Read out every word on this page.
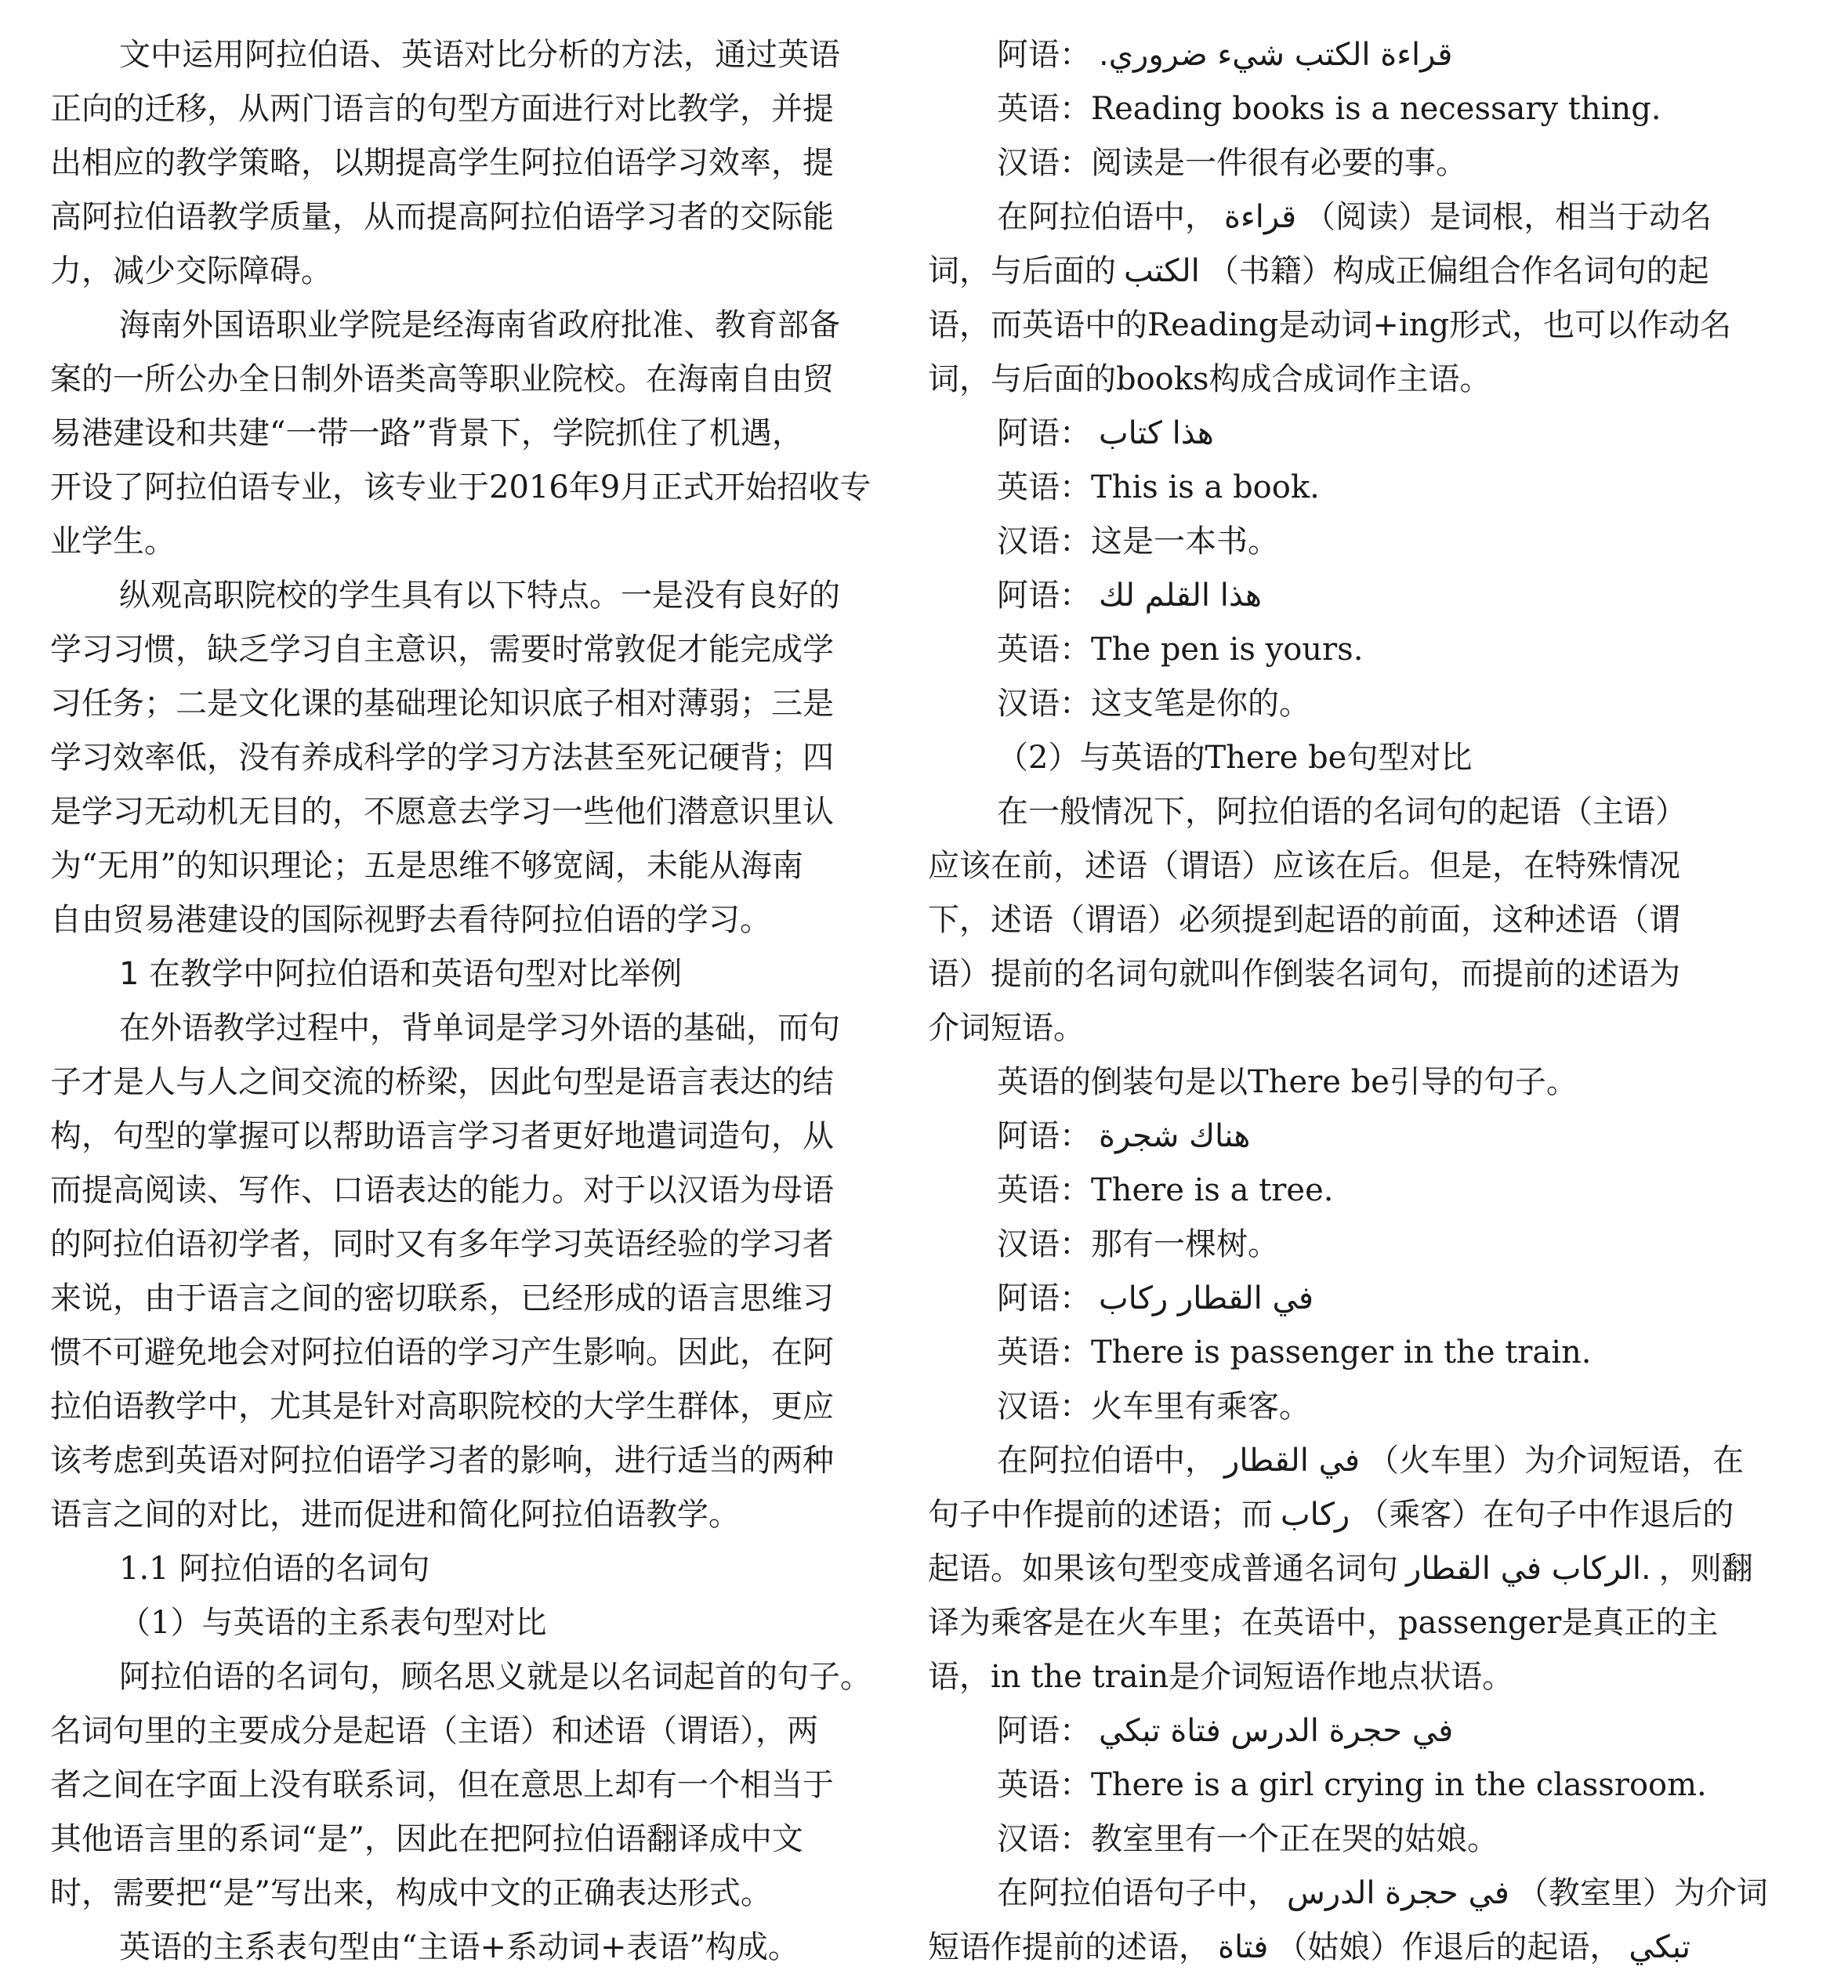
文中运用阿拉伯语、英语对比分析的方法，通过英语
正向的迁移，从两门语言的句型方面进行对比教学，并提
出相应的教学策略，以期提高学生阿拉伯语学习效率，提
高阿拉伯语教学质量，从而提高阿拉伯语学习者的交际能
力，减少交际障碍。
海南外国语职业学院是经海南省政府批准、教育部备
案的一所公办全日制外语类高等职业院校。在海南自由贸
易港建设和共建“一带一路”背景下，学院抓住了机遇，
开设了阿拉伯语专业，该专业于2016年9月正式开始招收专
业学生。
纵观高职院校的学生具有以下特点。一是没有良好的
学习习惯，缺乏学习自主意识，需要时常敦促才能完成学
习任务；二是文化课的基础理论知识底子相对薄弱；三是
学习效率低，没有养成科学的学习方法甚至死记硬背；四
是学习无动机无目的，不愿意去学习一些他们潜意识里认
为“无用”的知识理论；五是思维不够宽阔，未能从海南
自由贸易港建设的国际视野去看待阿拉伯语的学习。
1 在教学中阿拉伯语和英语句型对比举例
在外语教学过程中，背单词是学习外语的基础，而句
子才是人与人之间交流的桥梁，因此句型是语言表达的结
构，句型的掌握可以帮助语言学习者更好地遣词造句，从
而提高阅读、写作、口语表达的能力。对于以汉语为母语
的阿拉伯语初学者，同时又有多年学习英语经验的学习者
来说，由于语言之间的密切联系，已经形成的语言思维习
惯不可避免地会对阿拉伯语的学习产生影响。因此，在阿
拉伯语教学中，尤其是针对高职院校的大学生群体，更应
该考虑到英语对阿拉伯语学习者的影响，进行适当的两种
语言之间的对比，进而促进和简化阿拉伯语教学。
1.1 阿拉伯语的名词句
（1）与英语的主系表句型对比
阿拉伯语的名词句，顾名思义就是以名词起首的句子。
名词句里的主要成分是起语（主语）和述语（谓语），两
者之间在字面上没有联系词，但在意思上却有一个相当于
其他语言里的系词“是”，因此在把阿拉伯语翻译成中文
时，需要把“是”写出来，构成中文的正确表达形式。
英语的主系表句型由“主语+系动词+表语”构成。
阿语： قراءة الكتب شيء ضروري.
英语：Reading books is a necessary thing.
汉语：阅读是一件很有必要的事。
在阿拉伯语中， قراءة （阅读）是词根，相当于动名
词，与后面的 الكتب （书籍）构成正偏组合作名词句的起
语，而英语中的Reading是动词+ing形式，也可以作动名
词，与后面的books构成合成词作主语。
阿语： هذا كتاب
英语：This is a book.
汉语：这是一本书。
阿语： هذا القلم لك
英语：The pen is yours.
汉语：这支笔是你的。
（2）与英语的There be句型对比
在一般情况下，阿拉伯语的名词句的起语（主语）
应该在前，述语（谓语）应该在后。但是，在特殊情况
下，述语（谓语）必须提到起语的前面，这种述语（谓
语）提前的名词句就叫作倒装名词句，而提前的述语为
介词短语。
英语的倒装句是以There be引导的句子。
阿语： هناك شجرة
英语：There is a tree.
汉语：那有一棵树。
阿语： في القطار ركاب
英语：There is passenger in the train.
汉语：火车里有乘客。
在阿拉伯语中， في القطار （火车里）为介词短语，在
句子中作提前的述语；而 ركاب （乘客）在句子中作退后的
起语。如果该句型变成普通名词句 .الركاب في القطار ，则翻
译为乘客是在火车里；在英语中，passenger是真正的主
语，in the train是介词短语作地点状语。
阿语： في حجرة الدرس فتاة تبكي
英语：There is a girl crying in the classroom.
汉语：教室里有一个正在哭的姑娘。
在阿拉伯语句子中， في حجرة الدرس （教室里）为介词
短语作提前的述语， فتاة （姑娘）作退后的起语， تبكي
